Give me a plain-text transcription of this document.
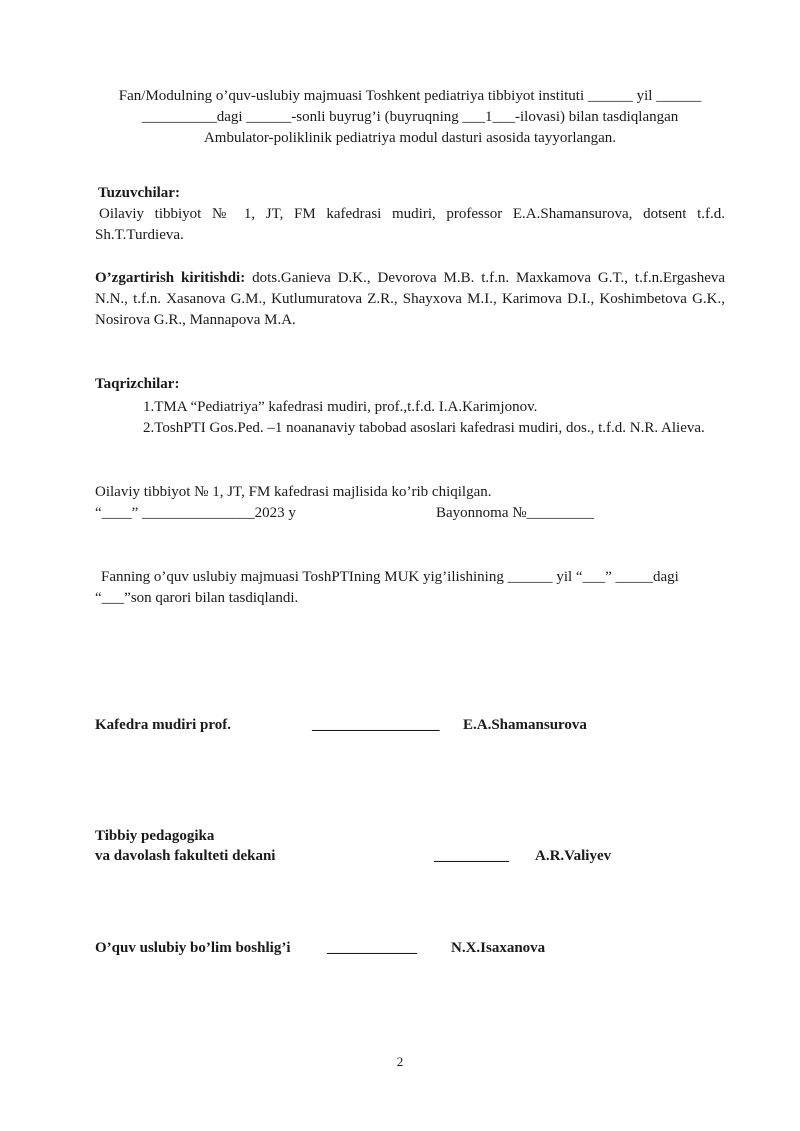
Fan/Modulning o’quv-uslubiy majmuasi Toshkent pediatriya tibbiyot instituti ______ yil ______
__________dagi ______-sonli buyrug’i (buyruqning ___1___-ilovasi) bilan tasdiqlangan
Ambulator-poliklinik pediatriya modul dasturi asosida tayyorlangan.
Tuzuvchilar:
Oilaviy tibbiyot № 1, JT, FM kafedrasi mudiri, professor E.A.Shamansurova, dotsent t.f.d. Sh.T.Turdieva.
O’zgartirish kiritishdi: dots.Ganieva D.K., Devorova M.B. t.f.n. Maxkamova G.T., t.f.n.Ergasheva N.N., t.f.n. Xasanova G.M., Kutlumuratova Z.R., Shayxova M.I., Karimova D.I., Koshimbetova G.K., Nosirova G.R., Mannapova M.A.
Taqrizchilar:
1.TMA “Pediatriya” kafedrasi mudiri, prof.,t.f.d. I.A.Karimjonov.
2.ToshPTI Gos.Ped. –1 noananaviy tabobad asoslari kafedrasi mudiri, dos., t.f.d. N.R. Alieva.
Oilaviy tibbiyot № 1, JT, FM kafedrasi majlisida ko’rib chiqilgan.
“____” _______________2023 y	Bayonnoma №_________
Fanning o’quv uslubiy majmuasi ToshPTIning MUK yig’ilishining ______ yil “___” _____dagi “___”son qarori bilan tasdiqlandi.
Kafedra mudiri prof.	_________________ E.A.Shamansurova
Tibbiy pedagogika
va davolash fakulteti dekani	__________ A.R.Valiyev
O’quv uslubiy bo’lim boshlig’i ____________ N.X.Isaxanova
2
